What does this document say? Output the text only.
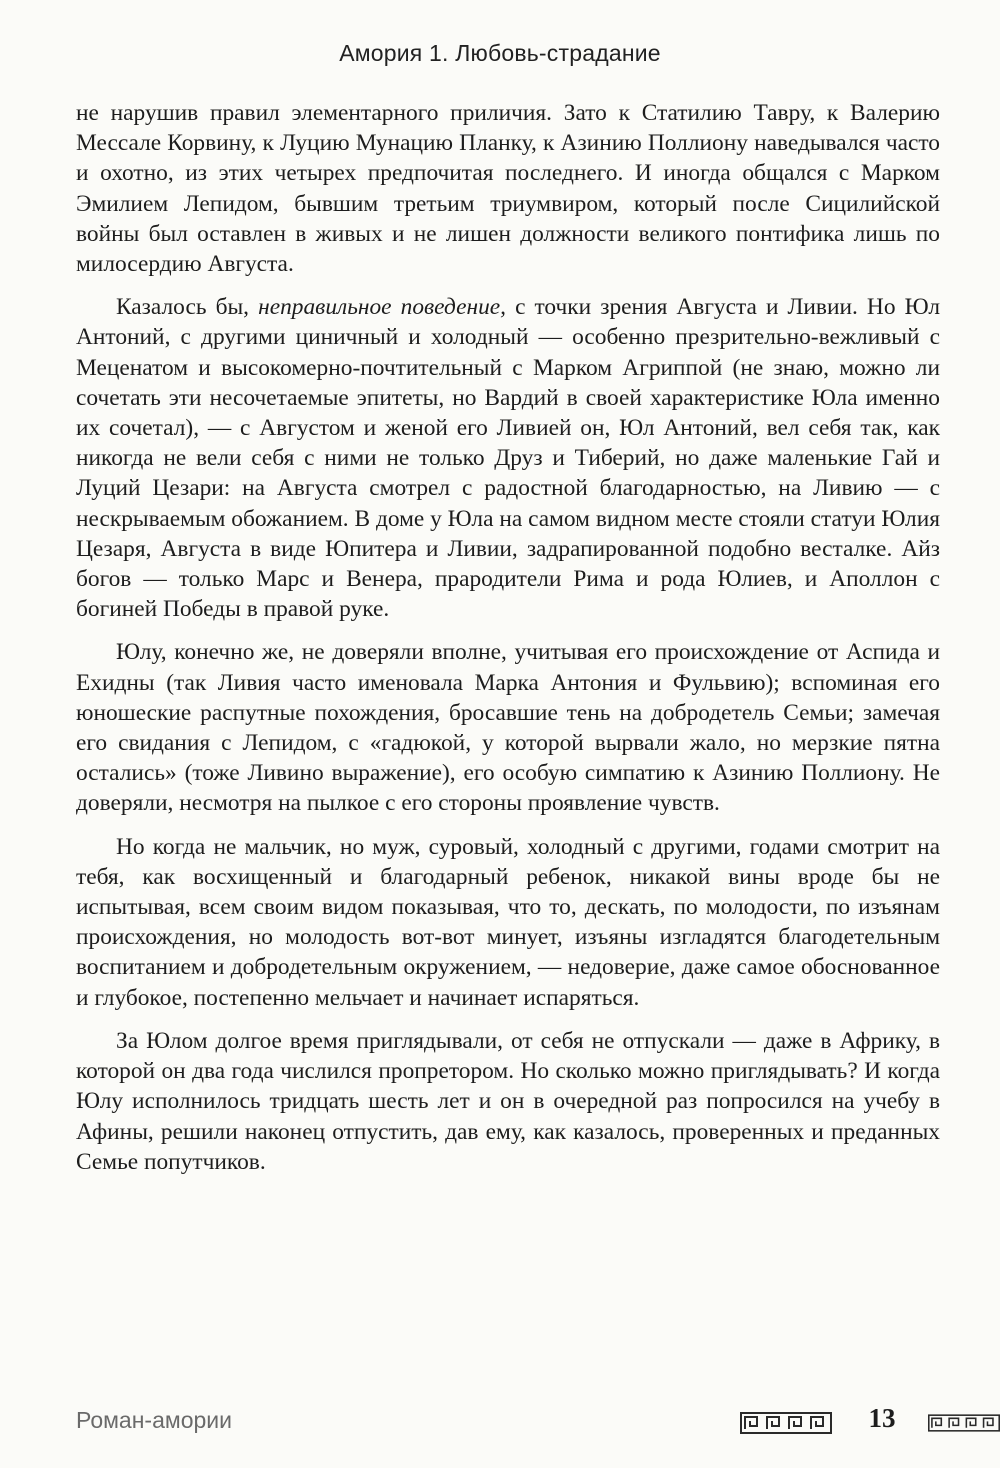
Амория 1. Любовь-страдание

не нарушив правил элементарного приличия. Зато к Статилию Тавру, к Валерию Мессале Корвину, к Луцию Мунацию Планку, к Азинию Поллиону наведывался часто и охотно, из этих четырех предпочитая последнего. И иногда общался с Марком Эмилием Лепидом, бывшим третьим триумвиром, который после Сицилийской войны был оставлен в живых и не лишен должности великого понтифика лишь по милосердию Августа.

Казалось бы, неправильное поведение, с точки зрения Августа и Ливии. Но Юл Антоний, с другими циничный и холодный — особенно презрительно-вежливый с Меценатом и высокомерно-почтительный с Марком Агриппой (не знаю, можно ли сочетать эти несочетаемые эпитеты, но Вардий в своей характеристике Юла именно их сочетал), — с Августом и женой его Ливией он, Юл Антоний, вел себя так, как никогда не вели себя с ними не только Друз и Тиберий, но даже маленькие Гай и Луций Цезари: на Августа смотрел с радостной благодарностью, на Ливию — с нескрываемым обожанием. В доме у Юла на самом видном месте стояли статуи Юлия Цезаря, Августа в виде Юпитера и Ливии, задрапированной подобно весталке. Айз богов — только Марс и Венера, прародители Рима и рода Юлиев, и Аполлон с богиней Победы в правой руке.

Юлу, конечно же, не доверяли вполне, учитывая его происхождение от Аспида и Ехидны (так Ливия часто именовала Марка Антония и Фульвию); вспоминая его юношеские распутные похождения, бросавшие тень на добродетель Семьи; замечая его свидания с Лепидом, с «гадюкой, у которой вырвали жало, но мерзкие пятна остались» (тоже Ливино выражение), его особую симпатию к Азинию Поллиону. Не доверяли, несмотря на пылкое с его стороны проявление чувств.

Но когда не мальчик, но муж, суровый, холодный с другими, годами смотрит на тебя, как восхищенный и благодарный ребенок, никакой вины вроде бы не испытывая, всем своим видом показывая, что то, дескать, по молодости, по изъянам происхождения, но молодость вот-вот минует, изъяны изгладятся благодетельным воспитанием и добродетельным окружением, — недоверие, даже самое обоснованное и глубокое, постепенно мельчает и начинает испаряться.

За Юлом долгое время приглядывали, от себя не отпускали — даже в Африку, в которой он два года числился пропретором. Но сколько можно приглядывать? И когда Юлу исполнилось тридцать шесть лет и он в очередной раз попросился на учебу в Афины, решили наконец отпустить, дав ему, как казалось, проверенных и преданных Семье попутчиков.

Роман-амории	13
